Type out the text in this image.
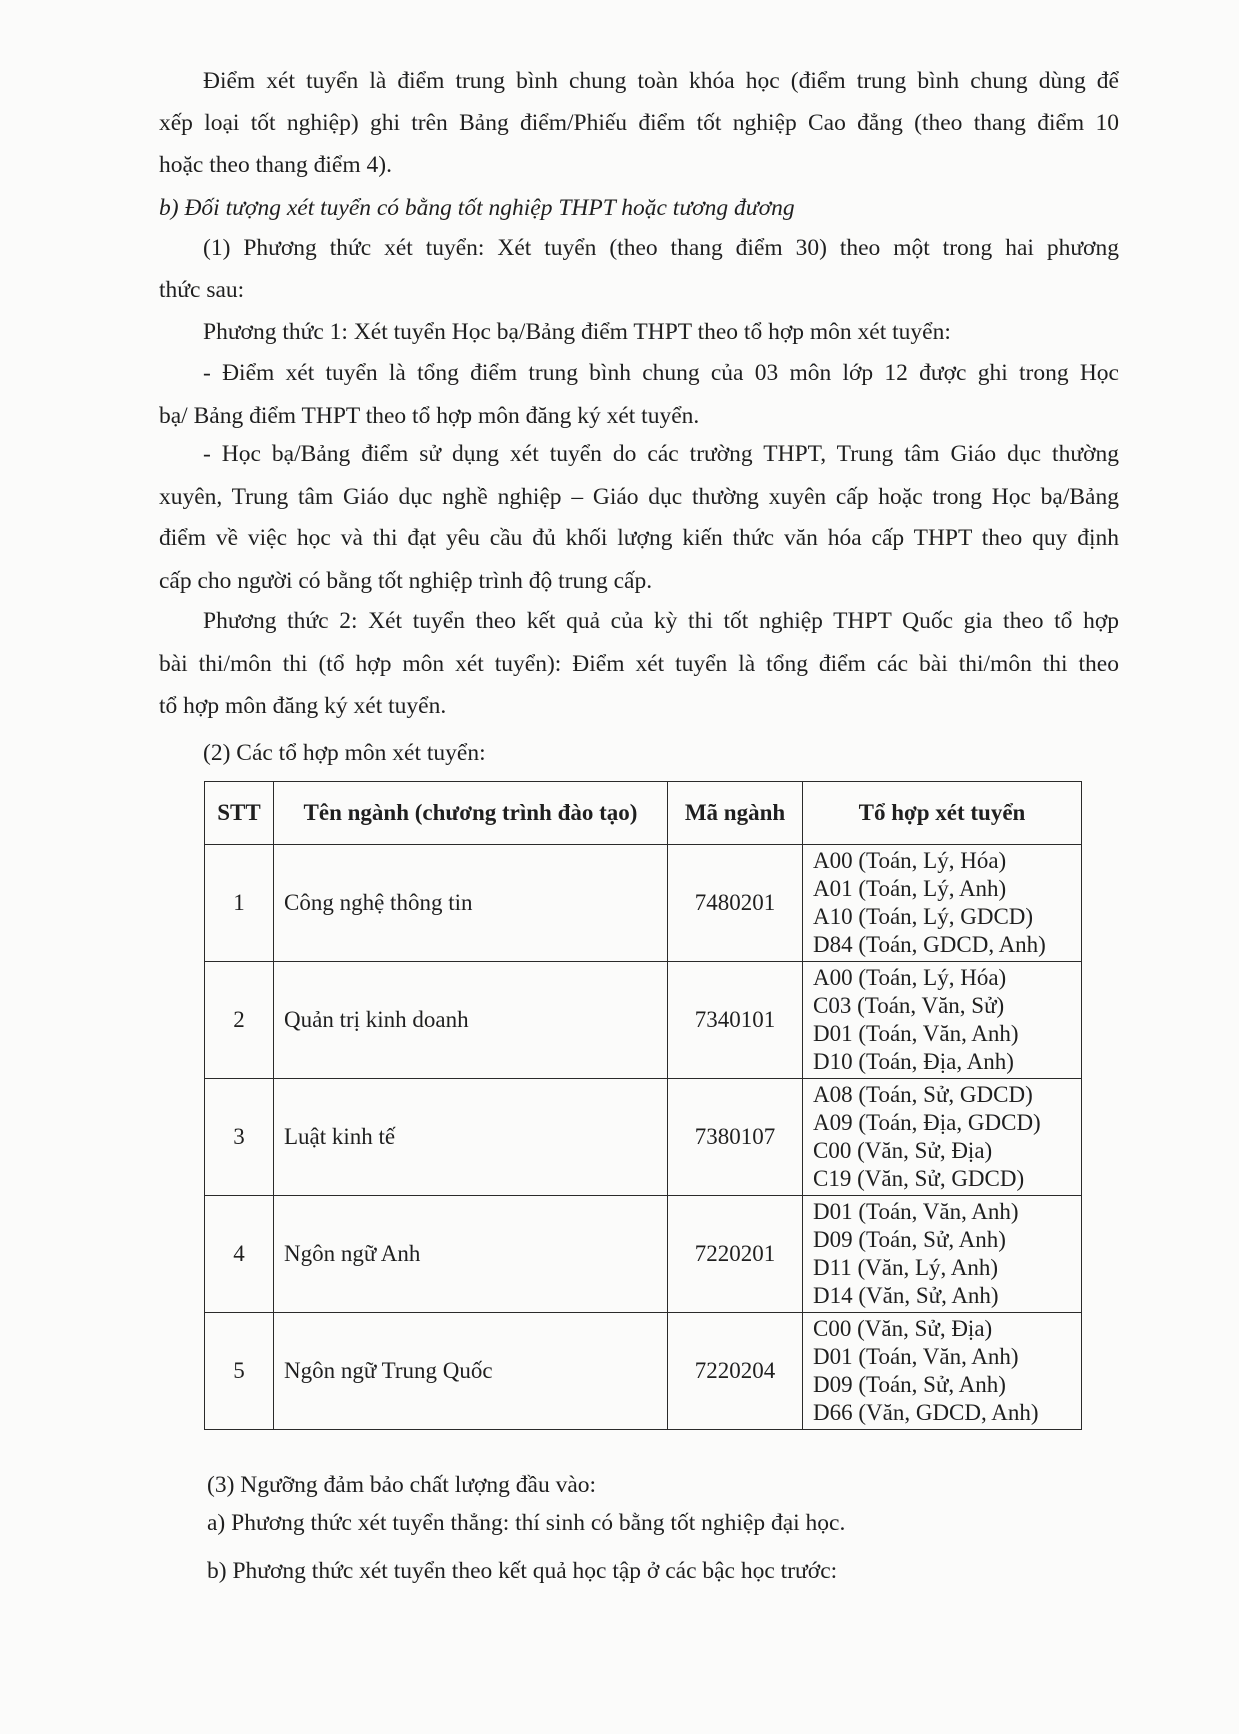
Điểm xét tuyển là điểm trung bình chung toàn khóa học (điểm trung bình chung dùng để
xếp loại tốt nghiệp) ghi trên Bảng điểm/Phiếu điểm tốt nghiệp Cao đẳng (theo thang điểm 10
hoặc theo thang điểm 4).
b) Đối tượng xét tuyển có bằng tốt nghiệp THPT hoặc tương đương
(1) Phương thức xét tuyển: Xét tuyển (theo thang điểm 30) theo một trong hai phương
thức sau:
Phương thức 1: Xét tuyển Học bạ/Bảng điểm THPT theo tổ hợp môn xét tuyển:
- Điểm xét tuyển là tổng điểm trung bình chung của 03 môn lớp 12 được ghi trong Học
bạ/ Bảng điểm THPT theo tổ hợp môn đăng ký xét tuyển.
- Học bạ/Bảng điểm sử dụng xét tuyển do các trường THPT, Trung tâm Giáo dục thường
xuyên, Trung tâm Giáo dục nghề nghiệp – Giáo dục thường xuyên cấp hoặc trong Học bạ/Bảng
điểm về việc học và thi đạt yêu cầu đủ khối lượng kiến thức văn hóa cấp THPT theo quy định
cấp cho người có bằng tốt nghiệp trình độ trung cấp.
Phương thức 2: Xét tuyển theo kết quả của kỳ thi tốt nghiệp THPT Quốc gia theo tổ hợp
bài thi/môn thi (tổ hợp môn xét tuyển): Điểm xét tuyển là tổng điểm các bài thi/môn thi theo
tổ hợp môn đăng ký xét tuyển.
(2) Các tổ hợp môn xét tuyển:
STT	Tên ngành (chương trình đào tạo)	Mã ngành	Tổ hợp xét tuyển
1	Công nghệ thông tin	7480201	A00 (Toán, Lý, Hóa)
A01 (Toán, Lý, Anh)
A10 (Toán, Lý, GDCD)
D84 (Toán, GDCD, Anh)

2	Quản trị kinh doanh	7340101	A00 (Toán, Lý, Hóa)
C03 (Toán, Văn, Sử)
D01 (Toán, Văn, Anh)
D10 (Toán, Địa, Anh)

3	Luật kinh tế	7380107	A08 (Toán, Sử, GDCD)
A09 (Toán, Địa, GDCD)
C00 (Văn, Sử, Địa)
C19 (Văn, Sử, GDCD)

4	Ngôn ngữ Anh	7220201	D01 (Toán, Văn, Anh)
D09 (Toán, Sử, Anh)
D11 (Văn, Lý, Anh)
D14 (Văn, Sử, Anh)

5	Ngôn ngữ Trung Quốc	7220204	C00 (Văn, Sử, Địa)
D01 (Toán, Văn, Anh)
D09 (Toán, Sử, Anh)
D66 (Văn, GDCD, Anh)
(3) Ngưỡng đảm bảo chất lượng đầu vào:
a) Phương thức xét tuyển thẳng: thí sinh có bằng tốt nghiệp đại học.
b) Phương thức xét tuyển theo kết quả học tập ở các bậc học trước:
